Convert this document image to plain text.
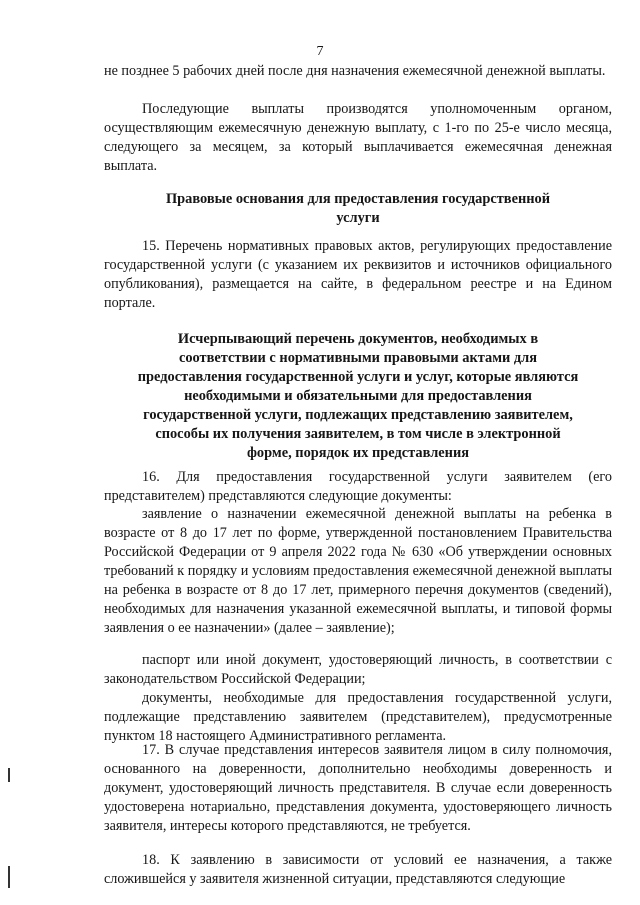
7

не позднее 5 рабочих дней после дня назначения ежемесячной денежной выплаты.

Последующие выплаты производятся уполномоченным органом, осуществляющим ежемесячную денежную выплату, с 1-го по 25-е число месяца, следующего за месяцем, за который выплачивается ежемесячная денежная выплата.

Правовые основания для предоставления государственной услуги

15. Перечень нормативных правовых актов, регулирующих предоставление государственной услуги (с указанием их реквизитов и источников официального опубликования), размещается на сайте, в федеральном реестре и на Едином портале.

Исчерпывающий перечень документов, необходимых в соответствии с нормативными правовыми актами для предоставления государственной услуги и услуг, которые являются необходимыми и обязательными для предоставления государственной услуги, подлежащих представлению заявителем, способы их получения заявителем, в том числе в электронной форме, порядок их представления

16. Для предоставления государственной услуги заявителем (его представителем) представляются следующие документы:

заявление о назначении ежемесячной денежной выплаты на ребенка в возрасте от 8 до 17 лет по форме, утвержденной постановлением Правительства Российской Федерации от 9 апреля 2022 года № 630 «Об утверждении основных требований к порядку и условиям предоставления ежемесячной денежной выплаты на ребенка в возрасте от 8 до 17 лет, примерного перечня документов (сведений), необходимых для назначения указанной ежемесячной выплаты, и типовой формы заявления о ее назначении» (далее – заявление);

паспорт или иной документ, удостоверяющий личность, в соответствии с законодательством Российской Федерации;

документы, необходимые для предоставления государственной услуги, подлежащие представлению заявителем (представителем), предусмотренные пунктом 18 настоящего Административного регламента.

17. В случае представления интересов заявителя лицом в силу полномочия, основанного на доверенности, дополнительно необходимы доверенность и документ, удостоверяющий личность представителя. В случае если доверенность удостоверена нотариально, представления документа, удостоверяющего личность заявителя, интересы которого представляются, не требуется.

18. К заявлению в зависимости от условий ее назначения, а также сложившейся у заявителя жизненной ситуации, представляются следующие
